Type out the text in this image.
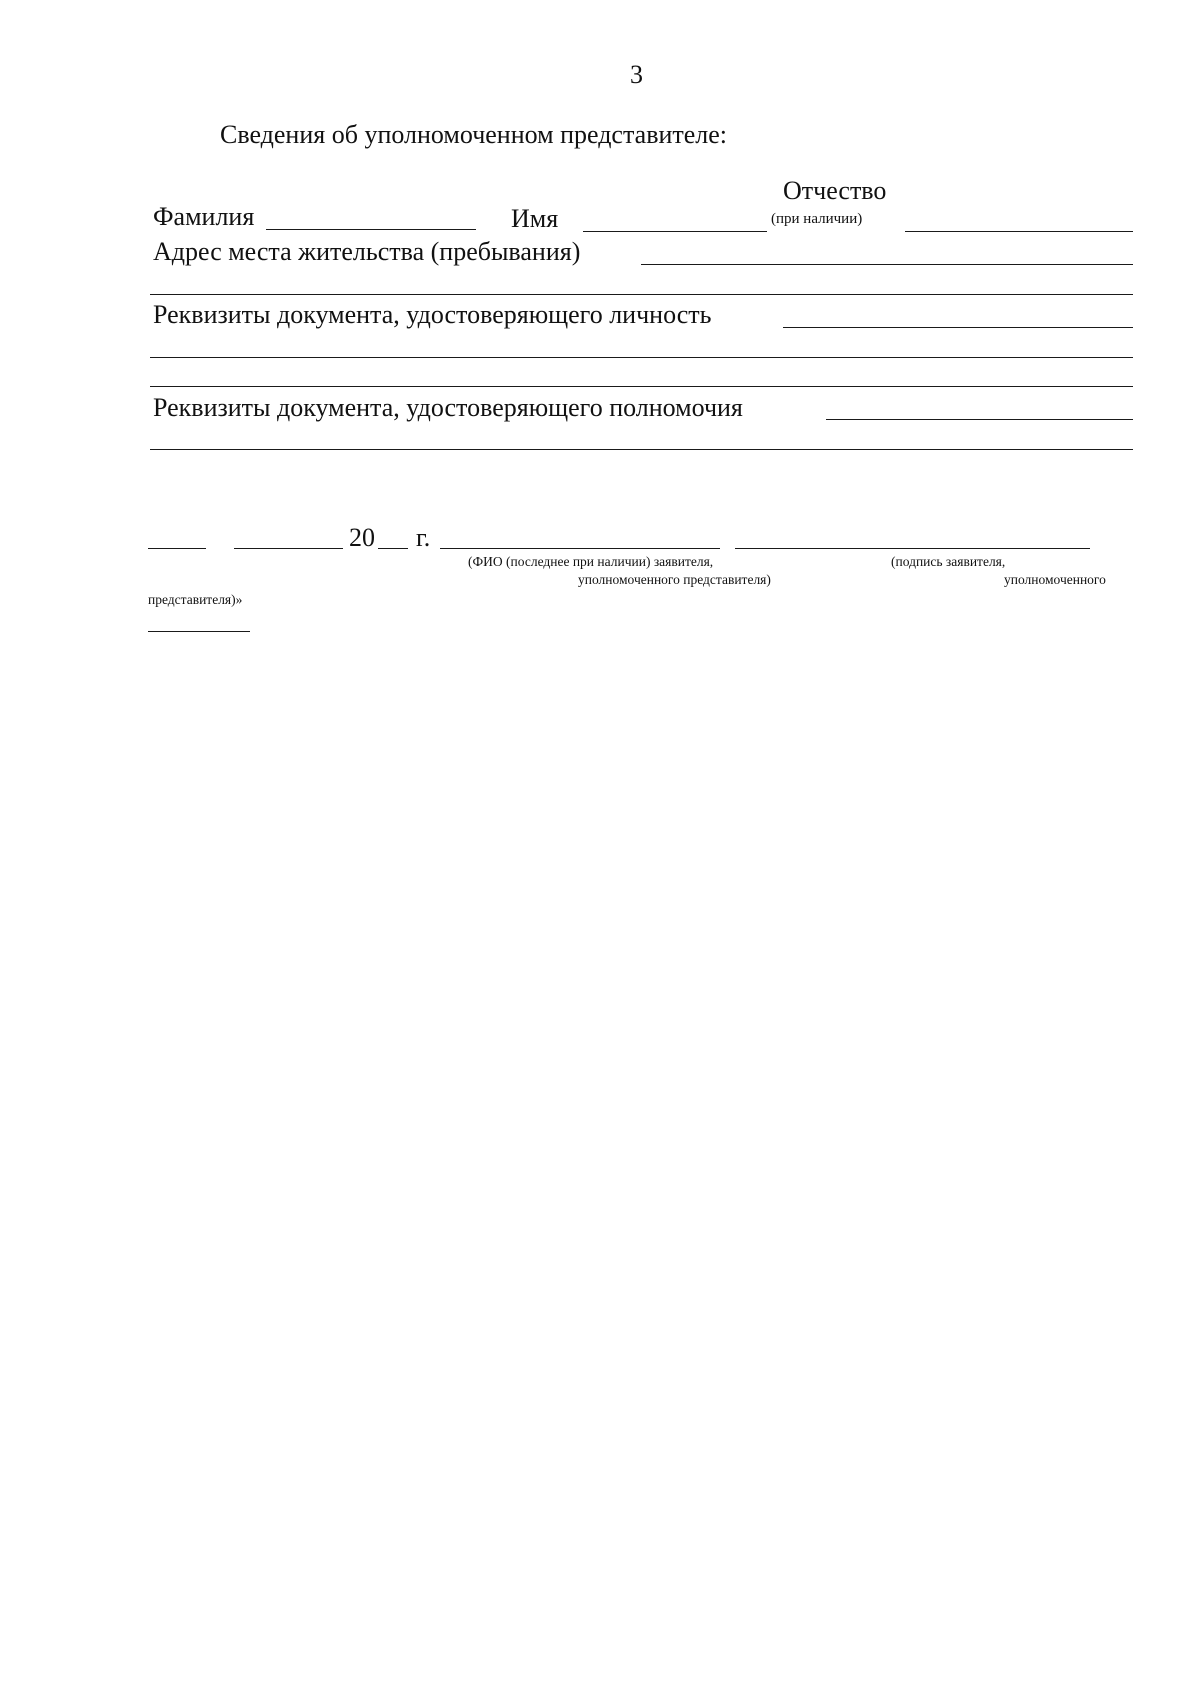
3
Сведения об уполномоченном представителе:
Фамилия	Имя
Отчество
(при наличии)
Адрес места жительства (пребывания)
Реквизиты документа, удостоверяющего личность
Реквизиты документа, удостоверяющего полномочия
20 г.
(ФИО (последнее при наличии) заявителя,
уполномоченного представителя)
(подпись заявителя,
уполномоченного
представителя)»
